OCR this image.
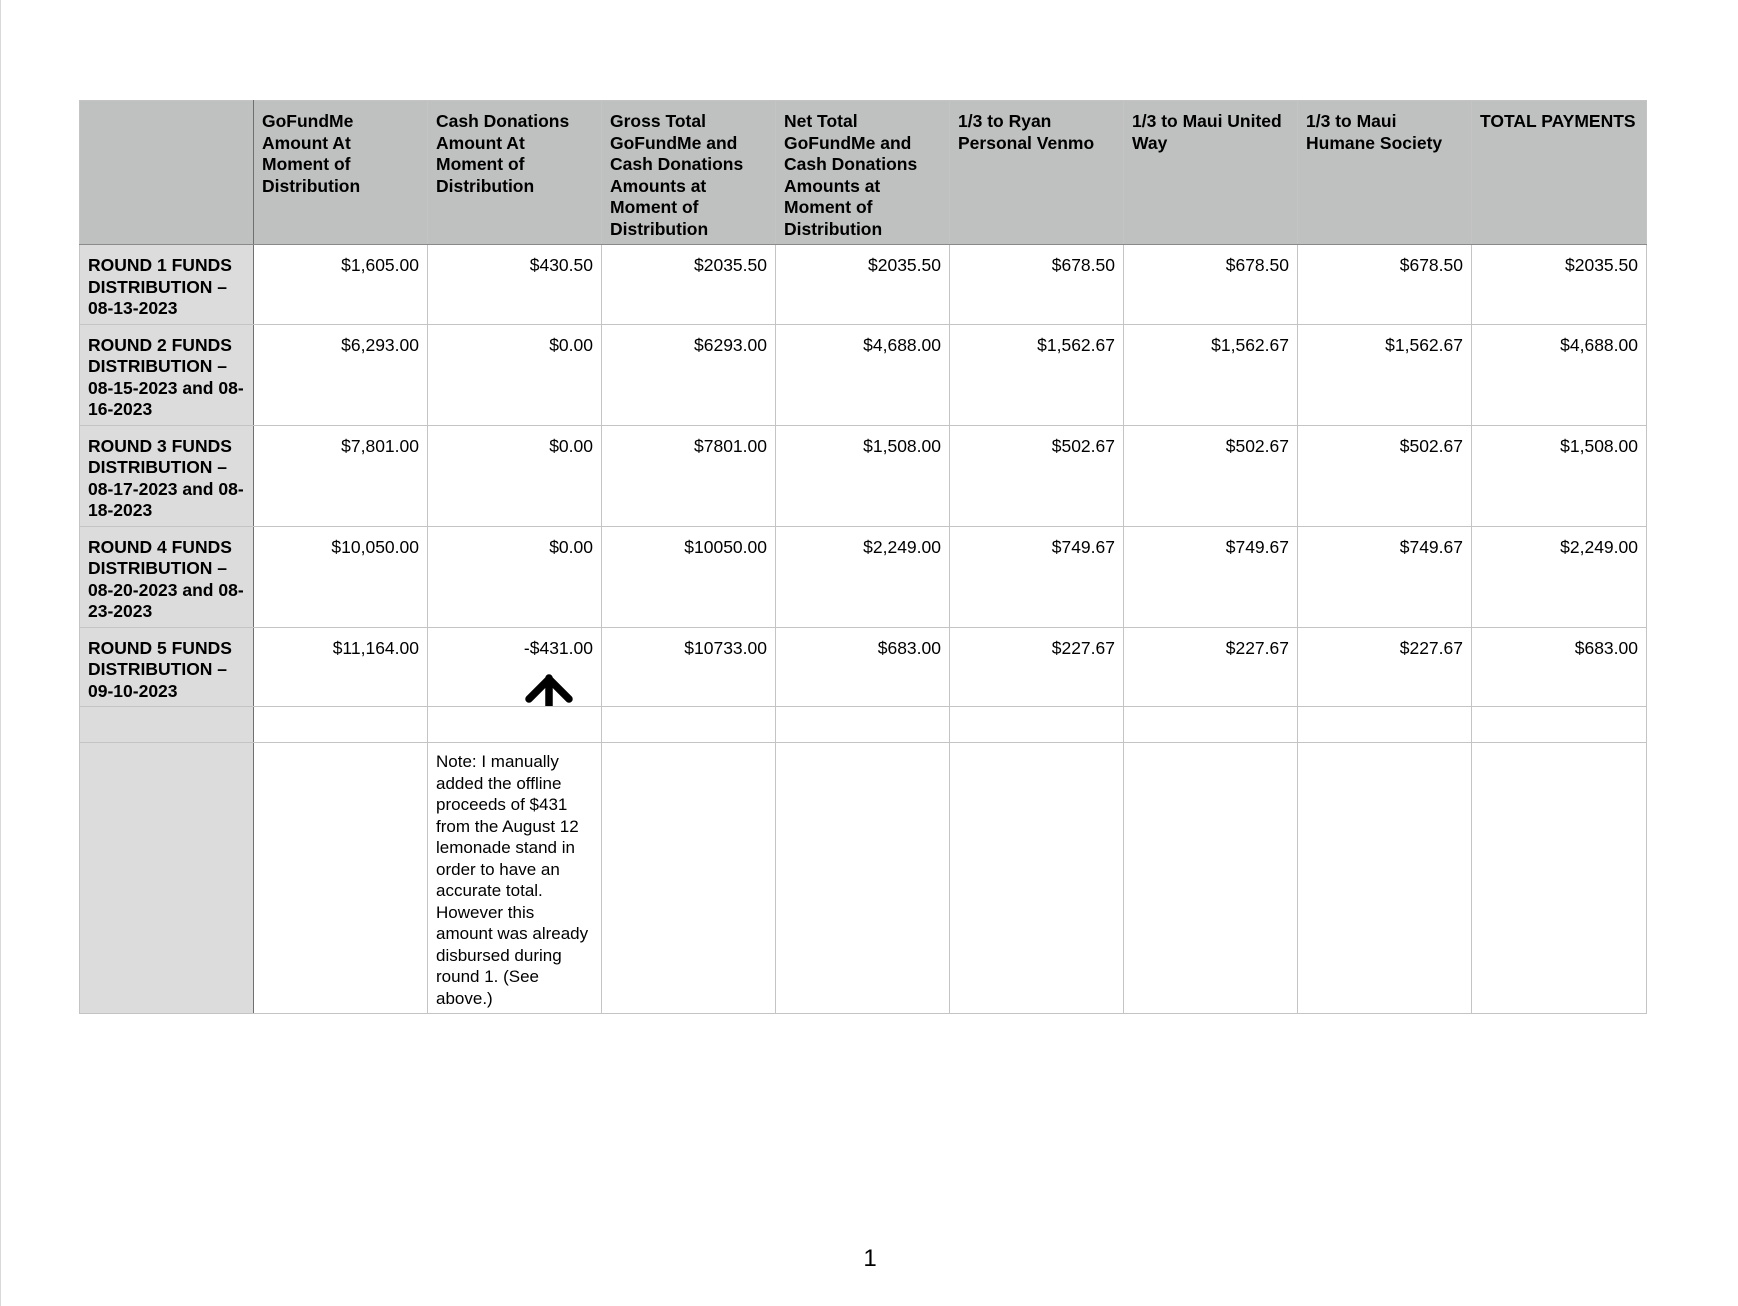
	GoFundMe Amount At Moment of Distribution	Cash Donations Amount At Moment of Distribution	Gross Total GoFundMe and Cash Donations Amounts at Moment of Distribution	Net Total GoFundMe and Cash Donations Amounts at Moment of Distribution	1/3 to Ryan Personal Venmo	1/3 to Maui United Way	1/3 to Maui Humane Society	TOTAL PAYMENTS
ROUND 1 FUNDS DISTRIBUTION – 08-13-2023	$1,605.00	$430.50	$2035.50	$2035.50	$678.50	$678.50	$678.50	$2035.50
ROUND 2 FUNDS DISTRIBUTION – 08-15-2023 and 08-16-2023	$6,293.00	$0.00	$6293.00	$4,688.00	$1,562.67	$1,562.67	$1,562.67	$4,688.00
ROUND 3 FUNDS DISTRIBUTION – 08-17-2023 and 08-18-2023	$7,801.00	$0.00	$7801.00	$1,508.00	$502.67	$502.67	$502.67	$1,508.00
ROUND 4 FUNDS DISTRIBUTION – 08-20-2023 and 08-23-2023	$10,050.00	$0.00	$10050.00	$2,249.00	$749.67	$749.67	$749.67	$2,249.00
ROUND 5 FUNDS DISTRIBUTION – 09-10-2023	$11,164.00	-$431.00	$10733.00	$683.00	$227.67	$227.67	$227.67	$683.00

		Note: I manually added the offline proceeds of $431 from the August 12 lemonade stand in order to have an accurate total. However this amount was already disbursed during round 1. (See above.)						
1
